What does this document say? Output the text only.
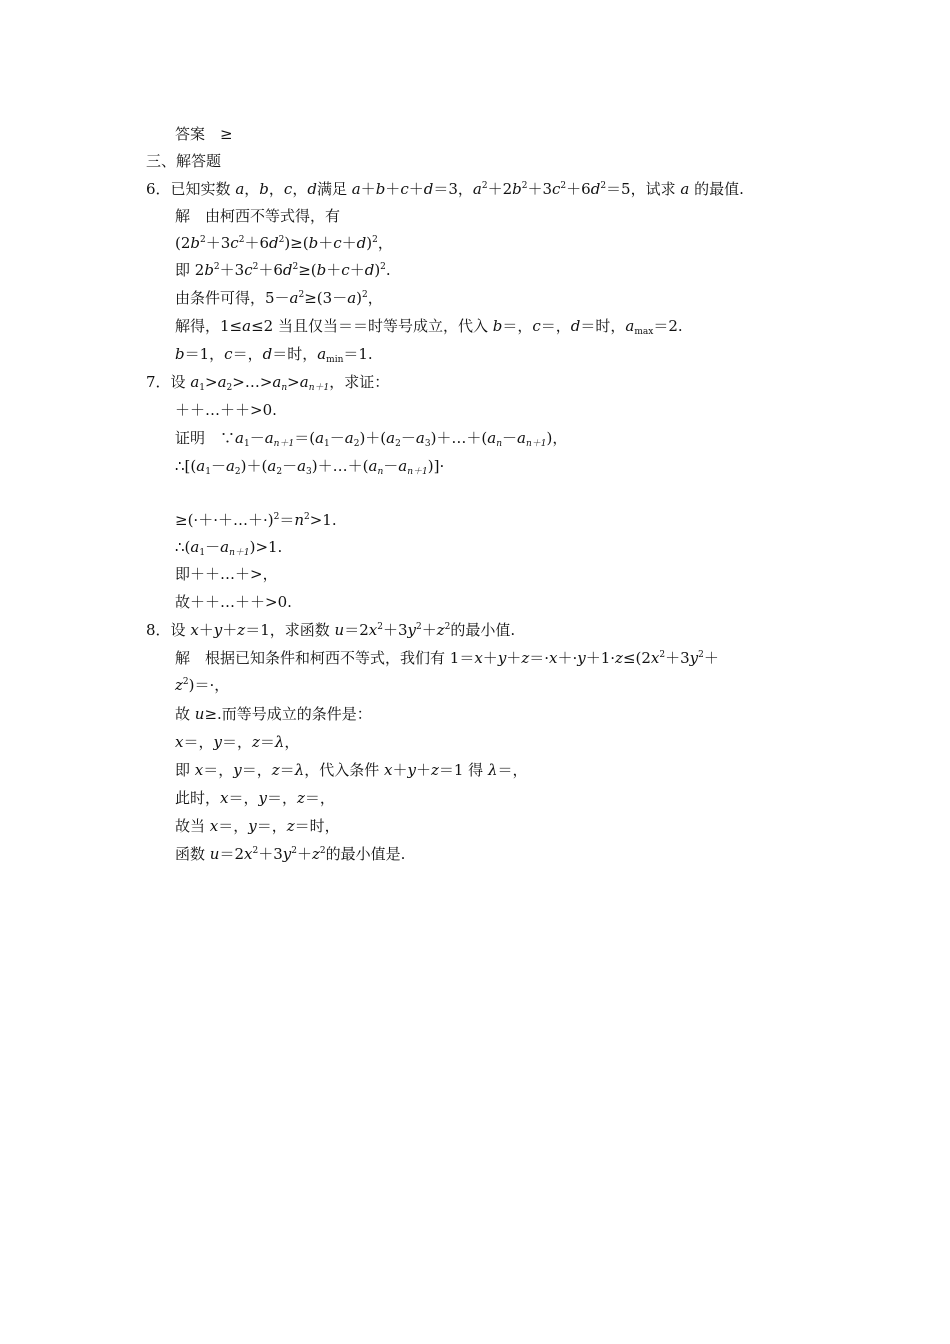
答案　≥
三、解答题
6．已知实数 a，b，c，d满足 a＋b＋c＋d＝3，$a^2+2b^2+3c^2+6d^2=5$，试求 a 的最值.
解　由柯西不等式得，有
$(2b^2+3c^2+6d^2)\ge(b+c+d)^2$，
即 $2b^2+3c^2+6d^2\ge(b+c+d)^2$.
由条件可得，$5-a^2\ge(3-a)^2$，
解得，1≤a≤2 当且仅当＝＝时等号成立，代入 b＝，c＝，d＝时，$a_{max}=2$.
b＝1，c＝，d＝时，$a_{min}=1$.
7．设 $a_1>a_2>\dots>a_n>a_{n+1}$，求证：
＋＋…＋＋>0.
证明　$\because a_1-a_{n+1}=(a_1-a_2)+(a_2-a_3)+\dots+(a_n-a_{n+1})$，
$\therefore[(a_1-a_2)+(a_2-a_3)+\dots+(a_n-a_{n+1})]\cdot$
$\ge(\cdot+\cdot+\dots+\cdot)^2=n^2>1$.
$\therefore(a_1-a_{n+1})>1$.
即＋＋…＋>，
故＋＋…＋＋>0.
8．设 x＋y＋z＝1，求函数 $u=2x^2+3y^2+z^2$的最小值.
解　根据已知条件和柯西不等式，我们有 $1=x+y+z=\cdot x+\cdot y+1\cdot z\le(2x^2+3y^2+$
$z^2)=\cdot$，
故 u≥.而等号成立的条件是：
x＝，y＝，z＝λ，
即 x＝，y＝，z＝λ，代入条件 x＋y＋z＝1 得 λ＝，
此时，x＝，y＝，z＝，
故当 x＝，y＝，z＝时，
函数 $u=2x^2+3y^2+z^2$的最小值是.
